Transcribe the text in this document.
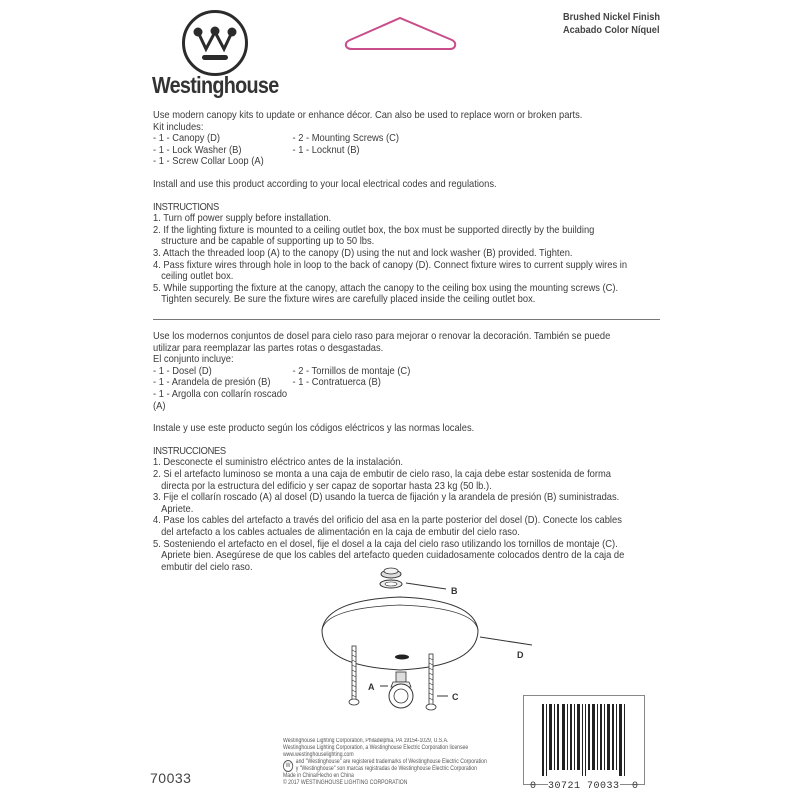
Westinghouse
Brushed Nickel Finish
Acabado Color Níquel

Use modern canopy kits to update or enhance décor. Can also be used to replace worn or broken parts.

Kit includes:

- 1 - Canopy (D)	- 2 - Mounting Screws (C)
- 1 - Lock Washer (B)	- 1 - Locknut (B)
- 1 - Screw Collar Loop (A)

Install and use this product according to your local electrical codes and regulations.

INSTRUCTIONS

1. Turn off power supply before installation.
2. If the lighting fixture is mounted to a ceiling outlet box, the box must be supported directly by the building structure and be capable of supporting up to 50 lbs.
3. Attach the threaded loop (A) to the canopy (D) using the nut and lock washer (B) provided. Tighten.
4. Pass fixture wires through hole in loop to the back of canopy (D). Connect fixture wires to current supply wires in ceiling outlet box.
5. While supporting the fixture at the canopy, attach the canopy to the ceiling box using the mounting screws (C). Tighten securely. Be sure the fixture wires are carefully placed inside the ceiling outlet box.

Use los modernos conjuntos de dosel para cielo raso para mejorar o renovar la decoración. También se puede utilizar para reemplazar las partes rotas o desgastadas.

El conjunto incluye:

- 1 - Dosel (D)	- 2 - Tornillos de montaje (C)
- 1 - Arandela de presión (B)	- 1 - Contratuerca (B)
- 1 - Argolla con collarín roscado (A)

Instale y use este producto según los códigos eléctricos y las normas locales.

INSTRUCCIONES

1. Desconecte el suministro eléctrico antes de la instalación.
2. Si el artefacto luminoso se monta a una caja de embutir de cielo raso, la caja debe estar sostenida de forma directa por la estructura del edificio y ser capaz de soportar hasta 23 kg (50 lb.).
3. Fije el collarín roscado (A) al dosel (D) usando la tuerca de fijación y la arandela de presión (B) suministradas. Apriete.
4. Pase los cables del artefacto a través del orificio del asa en la parte posterior del dosel (D). Conecte los cables del artefacto a los cables actuales de alimentación en la caja de embutir del cielo raso.
5. Sosteniendo el artefacto en el dosel, fije el dosel a la caja del cielo raso utilizando los tornillos de montaje (C). Apriete bien. Asegúrese de que los cables del artefacto queden cuidadosamente colocados dentro de la caja de embutir del cielo raso.
B
D
C
A
70033
Westinghouse Lighting Corporation, Philadelphia, PA 19154-1029, U.S.A.
Westinghouse Lighting Corporation, a Westinghouse Electric Corporation licensee
www.westinghouselighting.com
W
and "Westinghouse" are registered trademarks of Westinghouse Electric Corporation
y "Westinghouse" son marcas registradas de Westinghouse Electric Corporation
Made in China/Hecho en China
© 2017 WESTINGHOUSE LIGHTING CORPORATION	0 30721 70033 0
